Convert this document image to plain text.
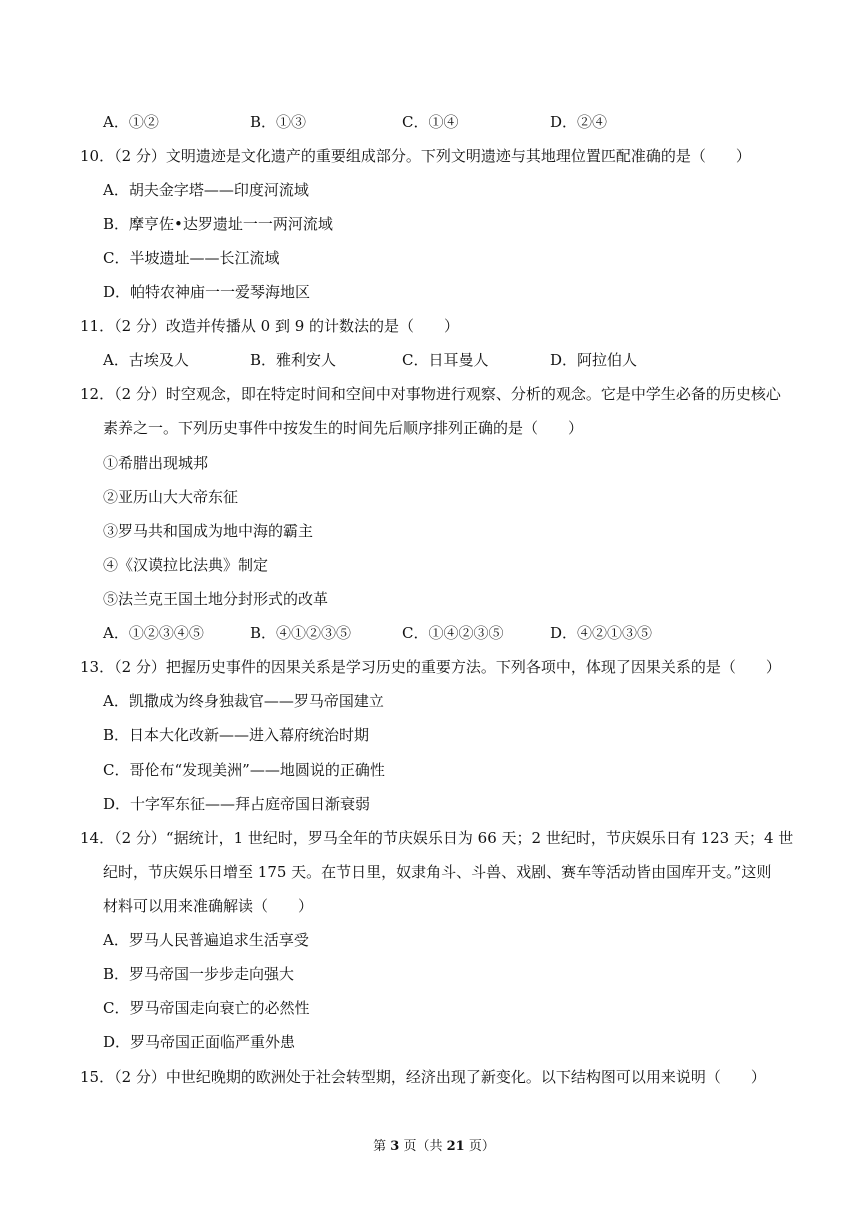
A．①②	B．①③	C．①④	D．②④
10．（2 分）文明遗迹是文化遗产的重要组成部分。下列文明遗迹与其地理位置匹配准确的是（　　）
A．胡夫金字塔——印度河流域
B．摩亨佐•达罗遗址一一两河流域
C．半坡遗址——长江流域
D．帕特农神庙一一爱琴海地区
11．（2 分）改造并传播从 0 到 9 的计数法的是（　　）
A．古埃及人	B．雅利安人	C．日耳曼人	D．阿拉伯人
12．（2 分）时空观念，即在特定时间和空间中对事物进行观察、分析的观念。它是中学生必备的历史核心
素养之一。下列历史事件中按发生的时间先后顺序排列正确的是（　　）
①希腊出现城邦
②亚历山大大帝东征
③罗马共和国成为地中海的霸主
④《汉谟拉比法典》制定
⑤法兰克王国土地分封形式的改革
A．①②③④⑤	B．④①②③⑤	C．①④②③⑤	D．④②①③⑤
13．（2 分）把握历史事件的因果关系是学习历史的重要方法。下列各项中，体现了因果关系的是（　　）
A．凯撒成为终身独裁官——罗马帝国建立
B．日本大化改新——进入幕府统治时期
C．哥伦布“发现美洲”——地圆说的正确性
D．十字军东征——拜占庭帝国日渐衰弱
14．（2 分）“据统计，1 世纪时，罗马全年的节庆娱乐日为 66 天；2 世纪时，节庆娱乐日有 123 天；4 世
纪时，节庆娱乐日增至 175 天。在节日里，奴隶角斗、斗兽、戏剧、赛车等活动皆由国库开支。”这则
材料可以用来准确解读（　　）
A．罗马人民普遍追求生活享受
B．罗马帝国一步步走向强大
C．罗马帝国走向衰亡的必然性
D．罗马帝国正面临严重外患
15．（2 分）中世纪晚期的欧洲处于社会转型期，经济出现了新变化。以下结构图可以用来说明（　　）
第 3 页（共 21 页）
